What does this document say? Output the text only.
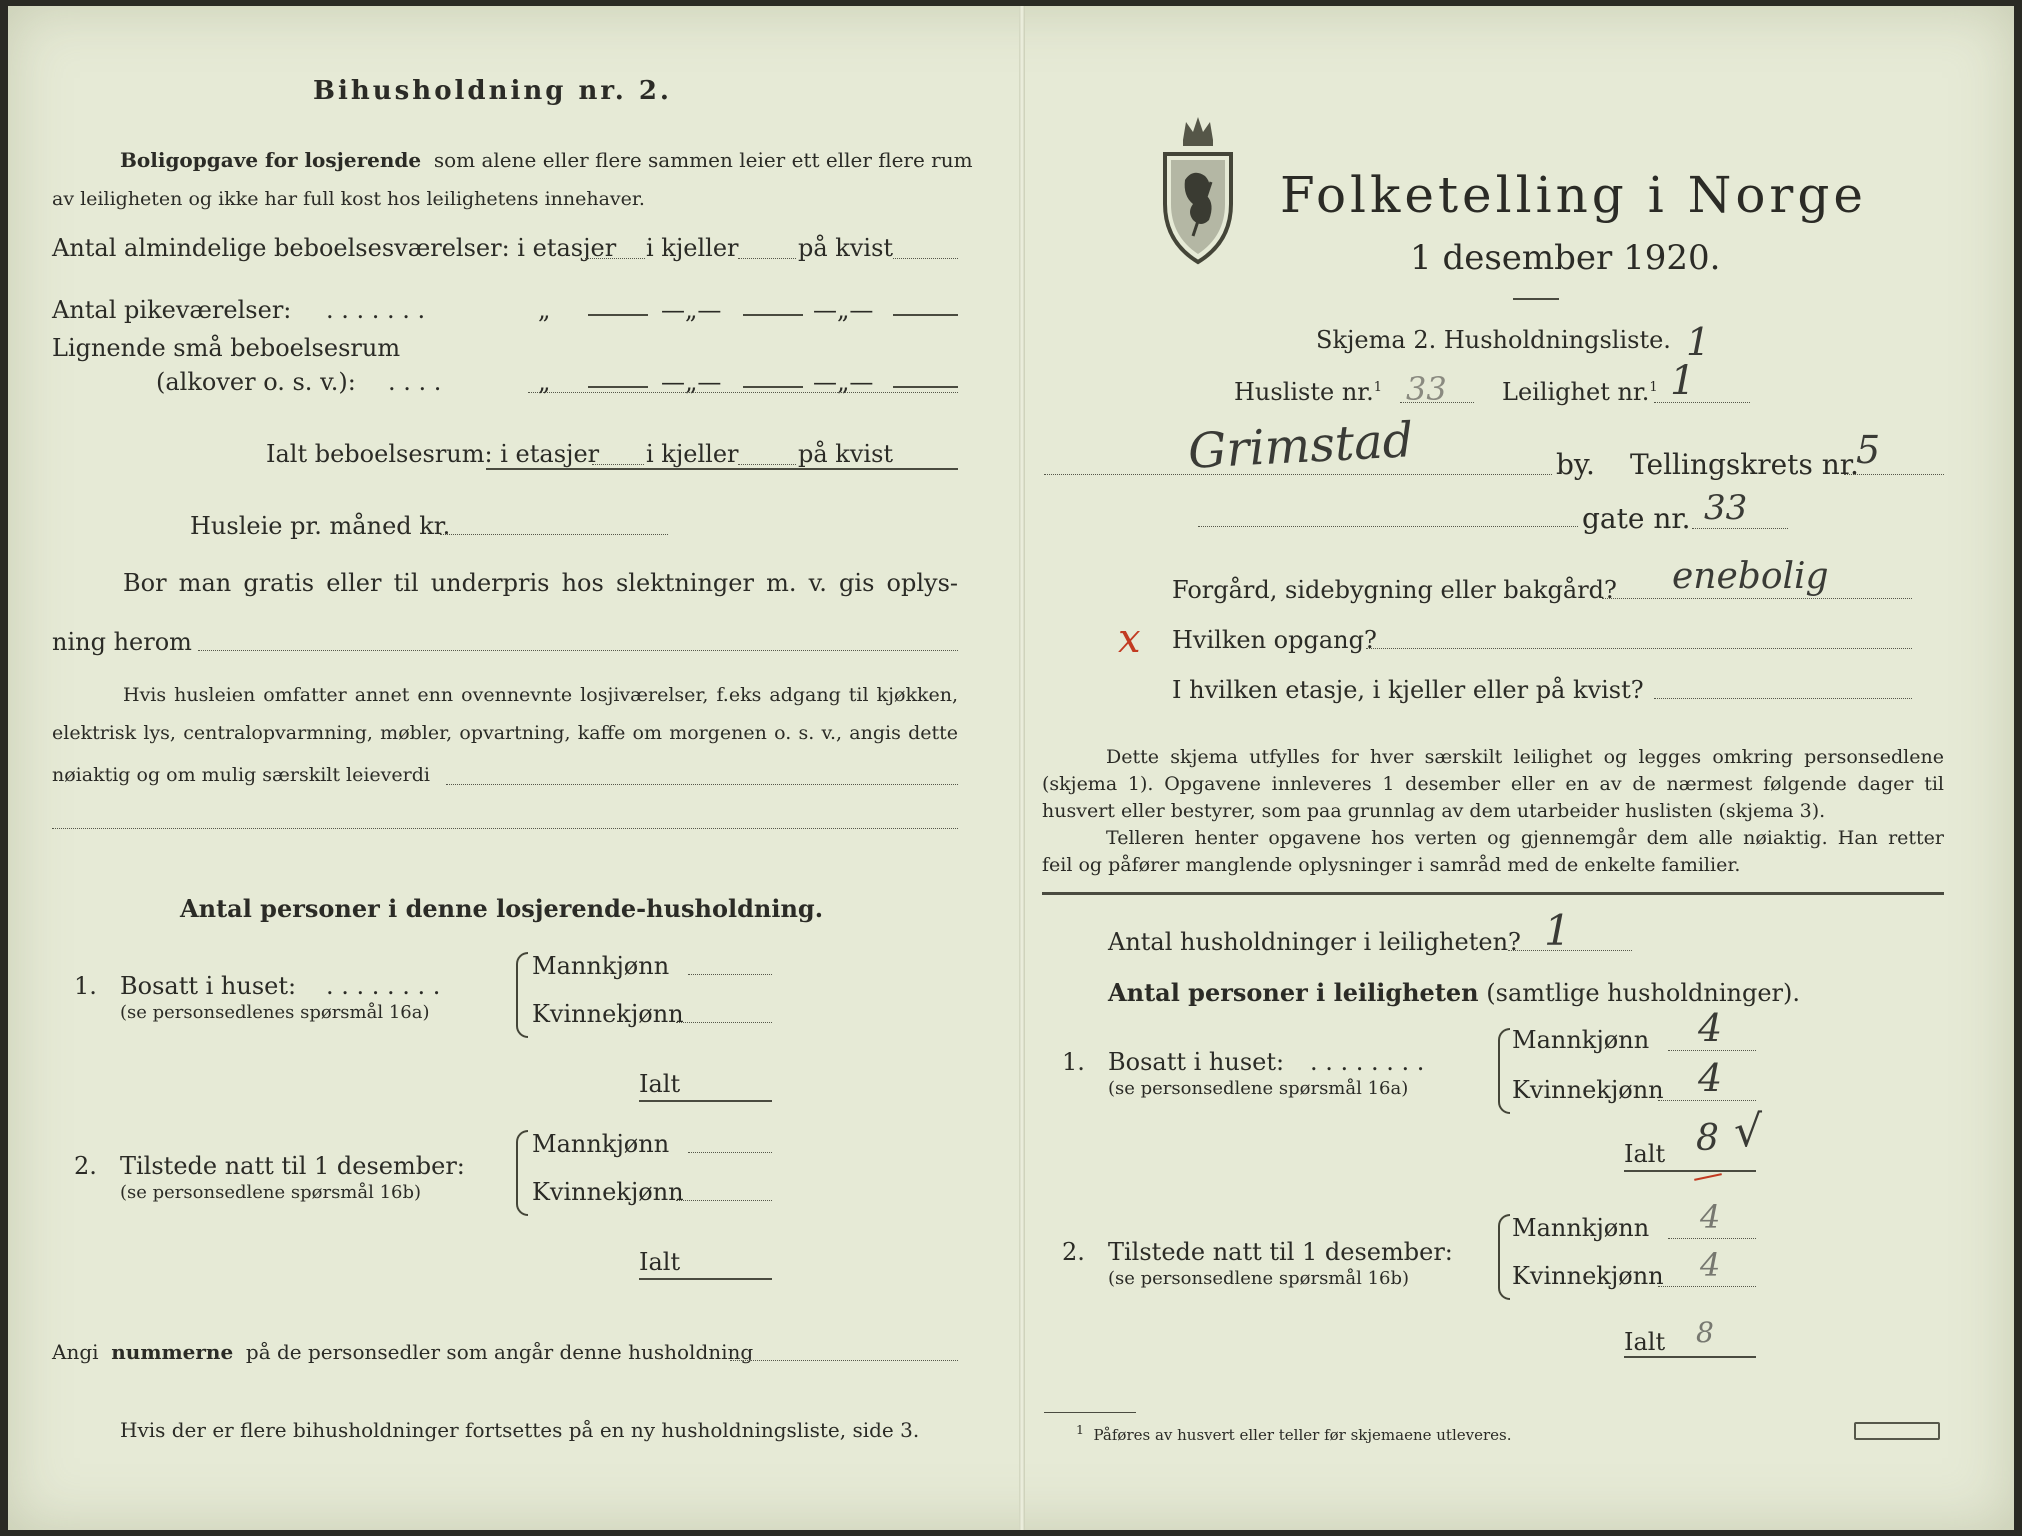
Bihusholdning nr. 2.
Boligopgave for losjerende som alene eller flere sammen leier ett eller flere rum
av leiligheten og ikke har full kost hos leilighetens innehaver.
Antal almindelige beboelsesværelser: i etasjer i kjeller på kvist
Antal pikeværelser: . . . . . . .	„	—„—	—„—
Lignende små beboelsesrum
(alkover o. s. v.): . . . .	„	—„—	—„—
Ialt beboelsesrum: i etasjer i kjeller på kvist
Husleie pr. måned kr.
Bor man gratis eller til underpris hos slektninger m. v. gis oplys-
ning herom
Hvis husleien omfatter annet enn ovennevnte losjiværelser, f.eks adgang til kjøkken,
elektrisk lys, centralopvarmning, møbler, opvartning, kaffe om morgenen o. s. v., angis dette
nøiaktig og om mulig særskilt leieverdi
Antal personer i denne losjerende-husholdning.
1. Bosatt i huset: . . . . . . . .
(se personsedlenes spørsmål 16a)
Mannkjønn
Kvinnekjønn
Ialt
2. Tilstede natt til 1 desember:
(se personsedlene spørsmål 16b)
Mannkjønn
Kvinnekjønn
Ialt
Angi nummerne på de personsedler som angår denne husholdning
Hvis der er flere bihusholdninger fortsettes på en ny husholdningsliste, side 3.
Folketelling i Norge
1 desember 1920.
Skjema 2. Husholdningsliste. 1
Husliste nr.$^1$ 33 Leilighet nr.$^1$ 1
Grimstad	by. Tellingskrets nr.
5
gate nr. 33
Forgård, sidebygning eller bakgård? enebolig
x Hvilken opgang?
I hvilken etasje, i kjeller eller på kvist?
Dette skjema utfylles for hver særskilt leilighet og legges omkring personsedlene
(skjema 1). Opgavene innleveres 1 desember eller en av de nærmest følgende dager til
husvert eller bestyrer, som paa grunnlag av dem utarbeider huslisten (skjema 3).
Telleren henter opgavene hos verten og gjennemgår dem alle nøiaktig. Han retter
feil og påfører manglende oplysninger i samråd med de enkelte familier.
Antal husholdninger i leiligheten? 1
Antal personer i leiligheten (samtlige husholdninger).
1. Bosatt i huset: . . . . . . . .
(se personsedlene spørsmål 16a)
Mannkjønn 4
Kvinnekjønn 4
Ialt 8 √
2. Tilstede natt til 1 desember:
(se personsedlene spørsmål 16b)
Mannkjønn 4
Kvinnekjønn 4
Ialt 8
$^1$ Påføres av husvert eller teller før skjemaene utleveres.
